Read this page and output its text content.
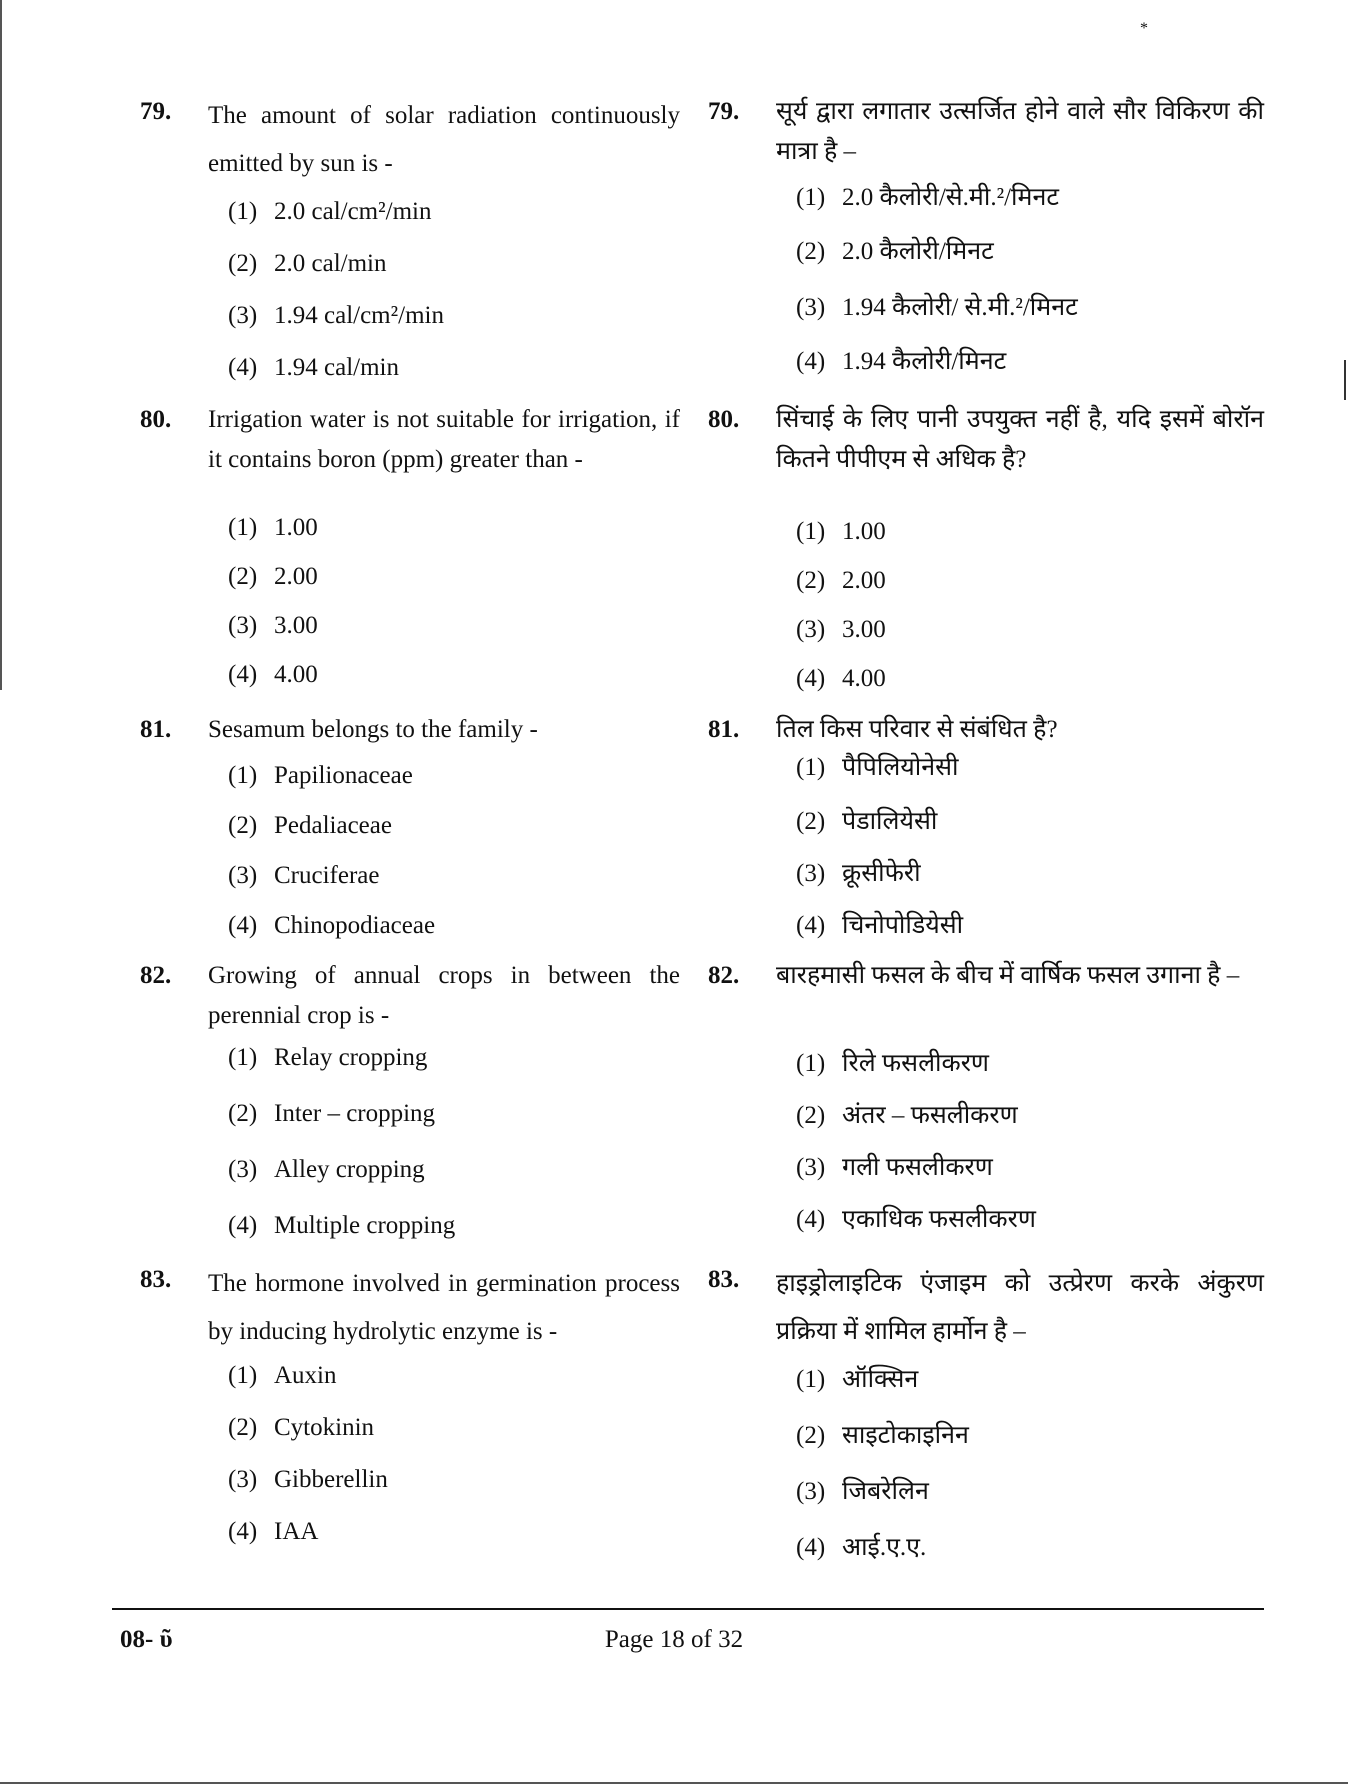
*
79. The amount of solar radiation continuously emitted by sun is -
(1) 2.0 cal/cm²/min
(2) 2.0 cal/min
(3) 1.94 cal/cm²/min
(4) 1.94 cal/min
79. सूर्य द्वारा लगातार उत्सर्जित होने वाले सौर विकिरण की मात्रा है –
(1) 2.0 कैलोरी/से.मी.²/मिनट
(2) 2.0 कैलोरी/मिनट
(3) 1.94 कैलोरी/ से.मी.²/मिनट
(4) 1.94 कैलोरी/मिनट
80. Irrigation water is not suitable for irrigation, if it contains boron (ppm) greater than -
(1) 1.00
(2) 2.00
(3) 3.00
(4) 4.00
80. सिंचाई के लिए पानी उपयुक्त नहीं है, यदि इसमें बोरॉन कितने पीपीएम से अधिक है?
(1) 1.00
(2) 2.00
(3) 3.00
(4) 4.00
81. Sesamum belongs to the family -
(1) Papilionaceae
(2) Pedaliaceae
(3) Cruciferae
(4) Chinopodiaceae
81. तिल किस परिवार से संबंधित है?
(1) पैपिलियोनेसी
(2) पेडालियेसी
(3) क्रूसीफेरी
(4) चिनोपोडियेसी
82. Growing of annual crops in between the perennial crop is -
(1) Relay cropping
(2) Inter – cropping
(3) Alley cropping
(4) Multiple cropping
82. बारहमासी फसल के बीच में वार्षिक फसल उगाना है –
(1) रिले फसलीकरण
(2) अंतर – फसलीकरण
(3) गली फसलीकरण
(4) एकाधिक फसलीकरण
83. The hormone involved in germination process by inducing hydrolytic enzyme is -
(1) Auxin
(2) Cytokinin
(3) Gibberellin
(4) IAA
83. हाइड्रोलाइटिक एंजाइम को उत्प्रेरण करके अंकुरण प्रक्रिया में शामिल हार्मोन है –
(1) ऑक्सिन
(2) साइटोकाइनिन
(3) जिबरेलिन
(4) आई.ए.ए.
08- ῦ	Page 18 of 32
